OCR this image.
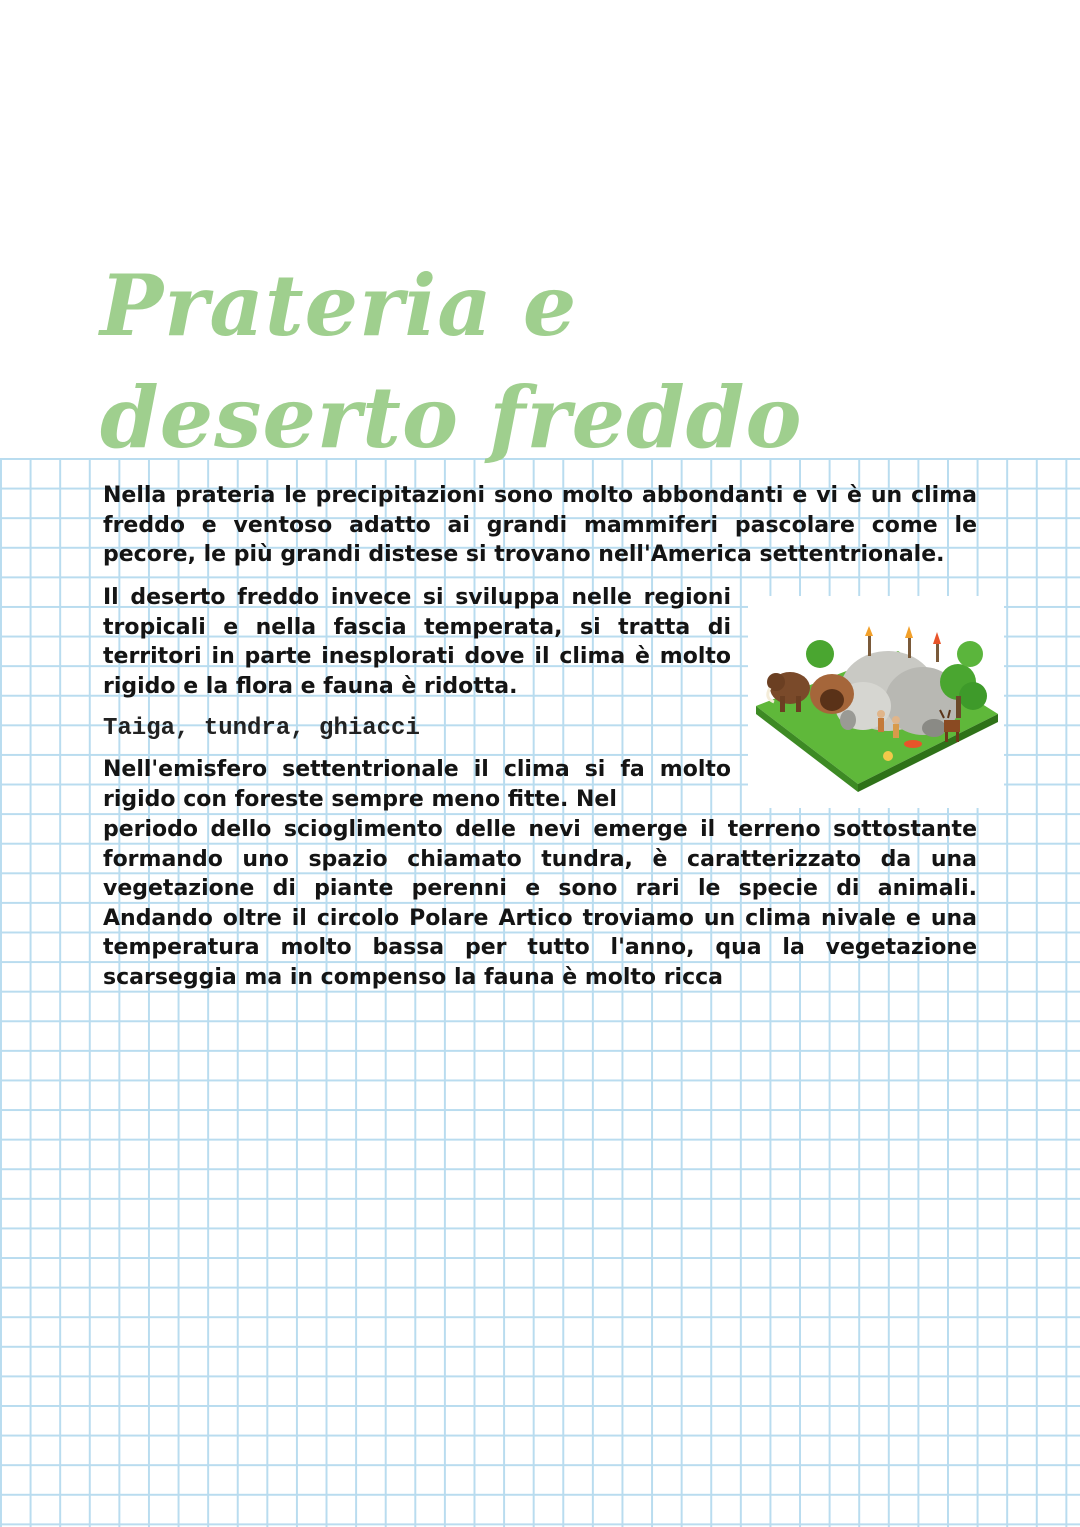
Prateria e
deserto freddo
Nella prateria le precipitazioni sono molto abbondanti e vi è un clima freddo e ventoso adatto ai grandi mammiferi pascolare come le pecore, le più grandi distese si trovano nell'America settentrionale.
Il deserto freddo invece si sviluppa nelle regioni tropicali e nella fascia temperata, si tratta di territori in parte inesplorati dove il clima è molto rigido e la flora e fauna è ridotta.
Taiga, tundra, ghiacci
Nell'emisfero settentrionale il clima si fa molto rigido con foreste sempre meno fitte. Nel
periodo dello scioglimento delle nevi emerge il terreno sottostante formando uno spazio chiamato tundra, è caratterizzato da una vegetazione di piante perenni e sono rari le specie di animali. Andando oltre il circolo Polare Artico troviamo un clima nivale e una temperatura molto bassa per tutto l'anno, qua la vegetazione scarseggia ma in compenso la fauna è molto ricca
